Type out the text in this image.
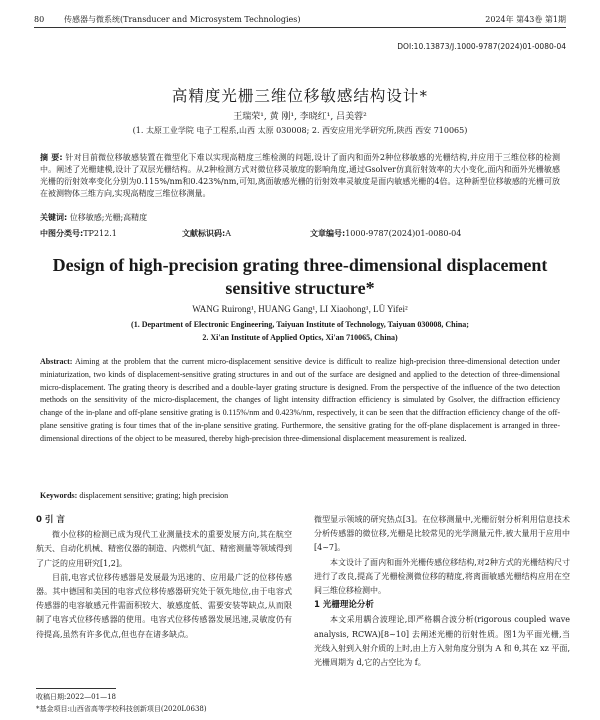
80	传感器与微系统(Transducer and Microsystem Technologies)	2024年 第43卷 第1期
DOI:10.13873/J.1000-9787(2024)01-0080-04
高精度光栅三维位移敏感结构设计*
王瑞荣¹, 黄 刚¹, 李晓红¹, 吕美蓉²
(1. 太原工业学院 电子工程系,山西 太原 030008; 2. 西安应用光学研究所,陕西 西安 710065)
摘 要: 针对目前微位移敏感装置在微型化下难以实现高精度三维检测的问题,设计了面内和面外2种位移敏感的光栅结构,并应用于三维位移的检测中。阐述了光栅建模,设计了双层光栅结构。从2种检测方式对微位移灵敏度的影响角度,通过Gsolver仿真衍射效率的大小变化,面内和面外光栅敏感光栅的衍射效率变化分别为0.115%/nm和0.423%/nm,可知,离面敏感光栅的衍射效率灵敏度是面内敏感光栅的4倍。这种新型位移敏感的光栅可放在被测物体三维方向,实现高精度三维位移测量。
关键词: 位移敏感;光栅;高精度
中图分类号:TP212.1	文献标识码:A	文章编号:1000-9787(2024)01-0080-04
Design of high-precision grating three-dimensional displacement sensitive structure*
WANG Ruirong¹, HUANG Gang¹, LI Xiaohong¹, LÜ Yifei²
(1. Department of Electronic Engineering, Taiyuan Institute of Technology, Taiyuan 030008, China;
2. Xi'an Institute of Applied Optics, Xi'an 710065, China)
Abstract: Aiming at the problem that the current micro-displacement sensitive device is difficult to realize high-precision three-dimensional detection under miniaturization, two kinds of displacement-sensitive grating structures in and out of the surface are designed and applied to the detection of three-dimensional micro-displacement. The grating theory is described and a double-layer grating structure is designed. From the perspective of the influence of the two detection methods on the sensitivity of the micro-displacement, the changes of light intensity diffraction efficiency is simulated by Gsolver, the diffraction efficiency change of the in-plane and off-plane sensitive grating is 0.115%/nm and 0.423%/nm, respectively, it can be seen that the diffraction efficiency change of the off-plane sensitive grating is four times that of the in-plane sensitive grating. Furthermore, the sensitive grating for the off-plane displacement is arranged in three-dimensional directions of the object to be measured, thereby high-precision three-dimensional displacement measurement is realized.
Keywords: displacement sensitive; grating; high precision
0 引 言
微小位移的检测已成为现代工业测量技术的重要发展方向,其在航空航天、自动化机械、精密仪器的制造、内燃机气缸、精密测量等领域得到了广泛的应用研究[1,2]。
目前,电容式位移传感器是发展最为迅速的、应用最广泛的位移传感器。其中德国和美国的电容式位移传感器研究处于领先地位,由于电容式传感器的电容敏感元件需面积较大、敏感度低、需要安装等缺点,从而限制了电容式位移传感器的使用。电容式位移传感器发展迅速,灵敏度仍有待提高,虽然有许多优点,但也存在诸多缺点。
微型显示领域的研究热点[3]。在位移测量中,光栅衍射分析利用信息技术分析传感器的微位移,光栅是比较常见的光学测量元件,被大量用于应用中[4~7]。
本文设计了面内和面外光栅传感位移结构,对2种方式的光栅结构尺寸进行了改良,提高了光栅检测微位移的精度,将离面敏感光栅结构应用在空间三维位移检测中。
1 光栅理论分析
本文采用耦合波理论,即严格耦合波分析(rigorous coupled wave analysis, RCWA)[8~10] 去阐述光栅的衍射性质。图1为平面光栅,当光线入射到入射介质的上时,由上方入射角度分别为 A 和 θ,其在 xz 平面,光栅周期为 d,它的占空比为 f。
收稿日期:2022—01—18
*基金项目:山西省高等学校科技创新项目(2020L0638)
